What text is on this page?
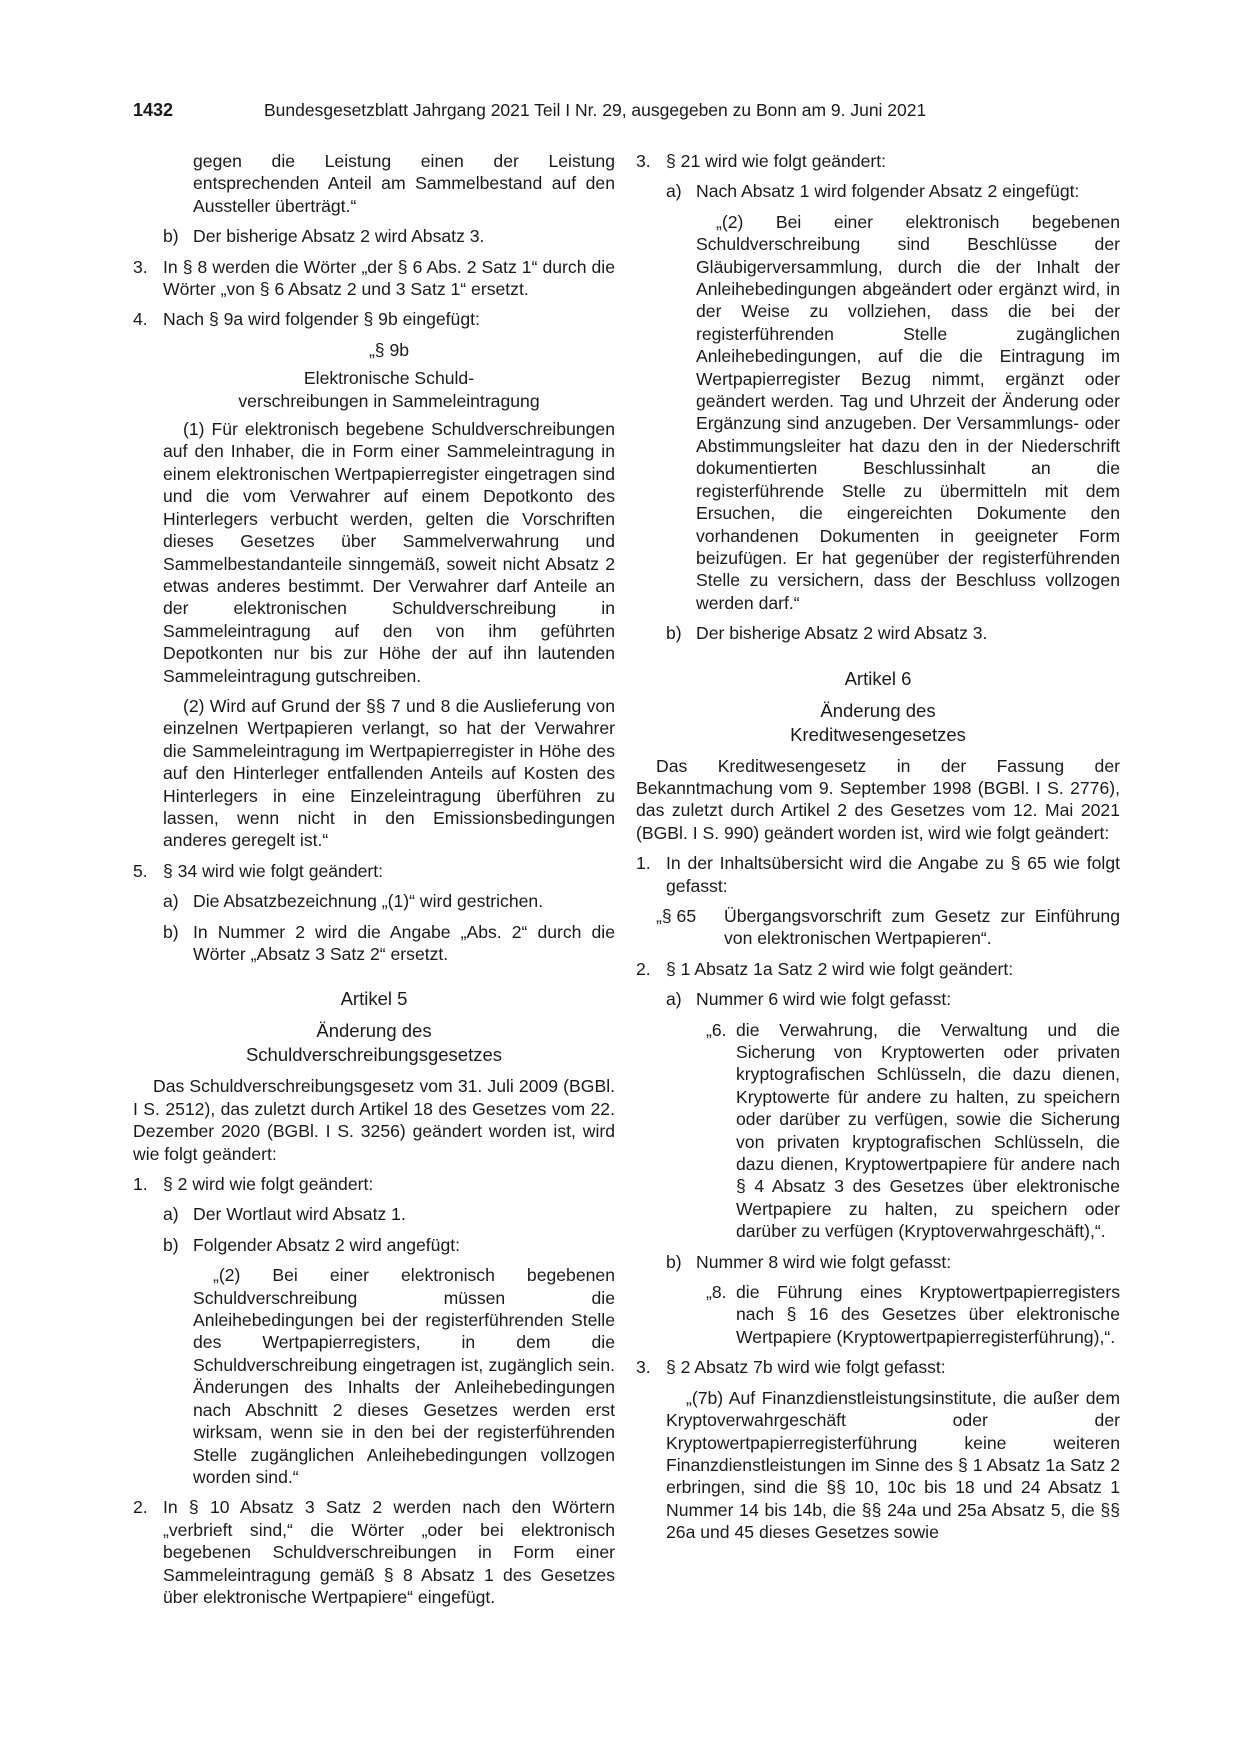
1432	Bundesgesetzblatt Jahrgang 2021 Teil I Nr. 29, ausgegeben zu Bonn am 9. Juni 2021

gegen die Leistung einen der Leistung entsprechenden Anteil am Sammelbestand auf den Aussteller überträgt.“

b) Der bisherige Absatz 2 wird Absatz 3.

3. In § 8 werden die Wörter „der § 6 Abs. 2 Satz 1“ durch die Wörter „von § 6 Absatz 2 und 3 Satz 1“ ersetzt.

4. Nach § 9a wird folgender § 9b eingefügt:

„§ 9b

Elektronische Schuld-

verschreibungen in Sammeleintragung

(1) Für elektronisch begebene Schuldverschreibungen auf den Inhaber, die in Form einer Sammeleintragung in einem elektronischen Wertpapierregister eingetragen sind und die vom Verwahrer auf einem Depotkonto des Hinterlegers verbucht werden, gelten die Vorschriften dieses Gesetzes über Sammelverwahrung und Sammelbestandanteile sinngemäß, soweit nicht Absatz 2 etwas anderes bestimmt. Der Verwahrer darf Anteile an der elektronischen Schuldverschreibung in Sammeleintragung auf den von ihm geführten Depotkonten nur bis zur Höhe der auf ihn lautenden Sammeleintragung gutschreiben.

(2) Wird auf Grund der §§ 7 und 8 die Auslieferung von einzelnen Wertpapieren verlangt, so hat der Verwahrer die Sammeleintragung im Wertpapierregister in Höhe des auf den Hinterleger entfallenden Anteils auf Kosten des Hinterlegers in eine Einzeleintragung überführen zu lassen, wenn nicht in den Emissionsbedingungen anderes geregelt ist.“

5. § 34 wird wie folgt geändert:

a) Die Absatzbezeichnung „(1)“ wird gestrichen.

b) In Nummer 2 wird die Angabe „Abs. 2“ durch die Wörter „Absatz 3 Satz 2“ ersetzt.

Artikel 5

Änderung des

Schuldverschreibungsgesetzes

Das Schuldverschreibungsgesetz vom 31. Juli 2009 (BGBl. I S. 2512), das zuletzt durch Artikel 18 des Gesetzes vom 22. Dezember 2020 (BGBl. I S. 3256) geändert worden ist, wird wie folgt geändert:

1. § 2 wird wie folgt geändert:

a) Der Wortlaut wird Absatz 1.

b) Folgender Absatz 2 wird angefügt:

„(2) Bei einer elektronisch begebenen Schuldverschreibung müssen die Anleihebedingungen bei der registerführenden Stelle des Wertpapierregisters, in dem die Schuldverschreibung eingetragen ist, zugänglich sein. Änderungen des Inhalts der Anleihebedingungen nach Abschnitt 2 dieses Gesetzes werden erst wirksam, wenn sie in den bei der registerführenden Stelle zugänglichen Anleihebedingungen vollzogen worden sind.“

2. In § 10 Absatz 3 Satz 2 werden nach den Wörtern „verbrieft sind,“ die Wörter „oder bei elektronisch begebenen Schuldverschreibungen in Form einer Sammeleintragung gemäß § 8 Absatz 1 des Gesetzes über elektronische Wertpapiere“ eingefügt.

3. § 21 wird wie folgt geändert:

a) Nach Absatz 1 wird folgender Absatz 2 eingefügt:

„(2) Bei einer elektronisch begebenen Schuldverschreibung sind Beschlüsse der Gläubigerversammlung, durch die der Inhalt der Anleihebedingungen abgeändert oder ergänzt wird, in der Weise zu vollziehen, dass die bei der registerführenden Stelle zugänglichen Anleihebedingungen, auf die die Eintragung im Wertpapierregister Bezug nimmt, ergänzt oder geändert werden. Tag und Uhrzeit der Änderung oder Ergänzung sind anzugeben. Der Versammlungs- oder Abstimmungsleiter hat dazu den in der Niederschrift dokumentierten Beschlussinhalt an die registerführende Stelle zu übermitteln mit dem Ersuchen, die eingereichten Dokumente den vorhandenen Dokumenten in geeigneter Form beizufügen. Er hat gegenüber der registerführenden Stelle zu versichern, dass der Beschluss vollzogen werden darf.“

b) Der bisherige Absatz 2 wird Absatz 3.

Artikel 6

Änderung des

Kreditwesengesetzes

Das Kreditwesengesetz in der Fassung der Bekanntmachung vom 9. September 1998 (BGBl. I S. 2776), das zuletzt durch Artikel 2 des Gesetzes vom 12. Mai 2021 (BGBl. I S. 990) geändert worden ist, wird wie folgt geändert:

1. In der Inhaltsübersicht wird die Angabe zu § 65 wie folgt gefasst:

„§ 65 Übergangsvorschrift zum Gesetz zur Einführung von elektronischen Wertpapieren“.

2. § 1 Absatz 1a Satz 2 wird wie folgt geändert:

a) Nummer 6 wird wie folgt gefasst:

„6. die Verwahrung, die Verwaltung und die Sicherung von Kryptowerten oder privaten kryptografischen Schlüsseln, die dazu dienen, Kryptowerte für andere zu halten, zu speichern oder darüber zu verfügen, sowie die Sicherung von privaten kryptografischen Schlüsseln, die dazu dienen, Kryptowertpapiere für andere nach § 4 Absatz 3 des Gesetzes über elektronische Wertpapiere zu halten, zu speichern oder darüber zu verfügen (Kryptoverwahrgeschäft),“.

b) Nummer 8 wird wie folgt gefasst:

„8. die Führung eines Kryptowertpapierregisters nach § 16 des Gesetzes über elektronische Wertpapiere (Kryptowertpapierregisterführung),“.

3. § 2 Absatz 7b wird wie folgt gefasst:

„(7b) Auf Finanzdienstleistungsinstitute, die außer dem Kryptoverwahrgeschäft oder der Kryptowertpapierregisterführung keine weiteren Finanzdienstleistungen im Sinne des § 1 Absatz 1a Satz 2 erbringen, sind die §§ 10, 10c bis 18 und 24 Absatz 1 Nummer 14 bis 14b, die §§ 24a und 25a Absatz 5, die §§ 26a und 45 dieses Gesetzes sowie
